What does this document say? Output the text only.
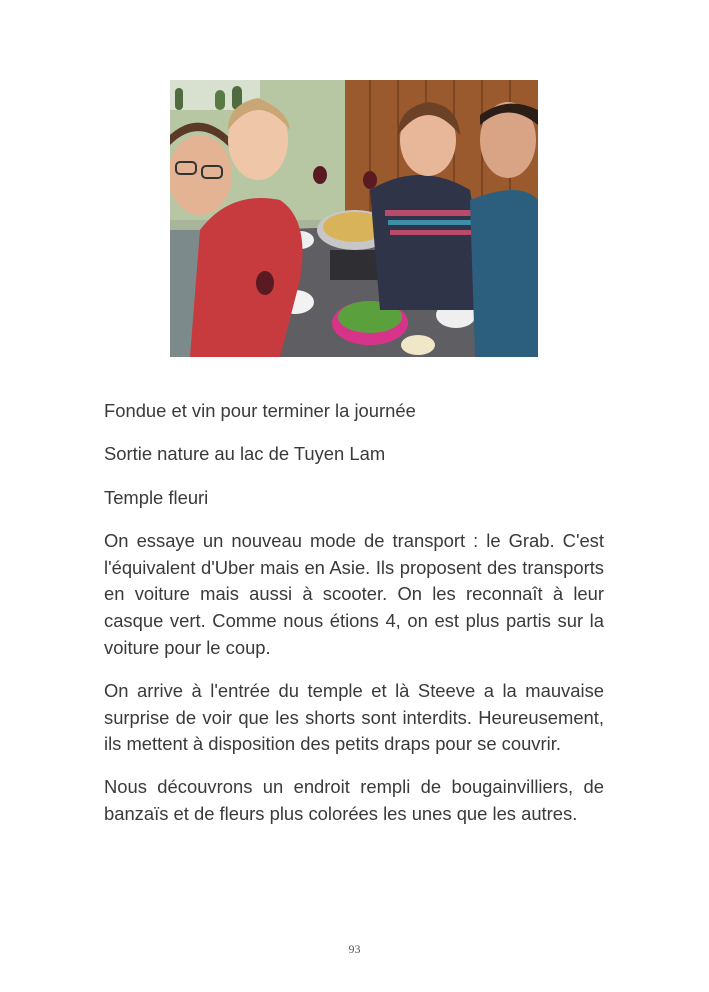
Fondue et vin pour terminer la journée

Sortie nature au lac de Tuyen Lam

Temple fleuri

On essaye un nouveau mode de transport : le Grab. C'est l'équivalent d'Uber mais en Asie. Ils proposent des transports en voiture mais aussi à scooter. On les reconnaît à leur casque vert. Comme nous étions 4, on est plus partis sur la voiture pour le coup.

On arrive à l'entrée du temple et là Steeve a la mauvaise surprise de voir que les shorts sont interdits. Heureusement, ils mettent à disposition des petits draps pour se couvrir.

Nous découvrons un endroit rempli de bougainvilliers, de banzaïs et de fleurs plus colorées les unes que les autres.

93
